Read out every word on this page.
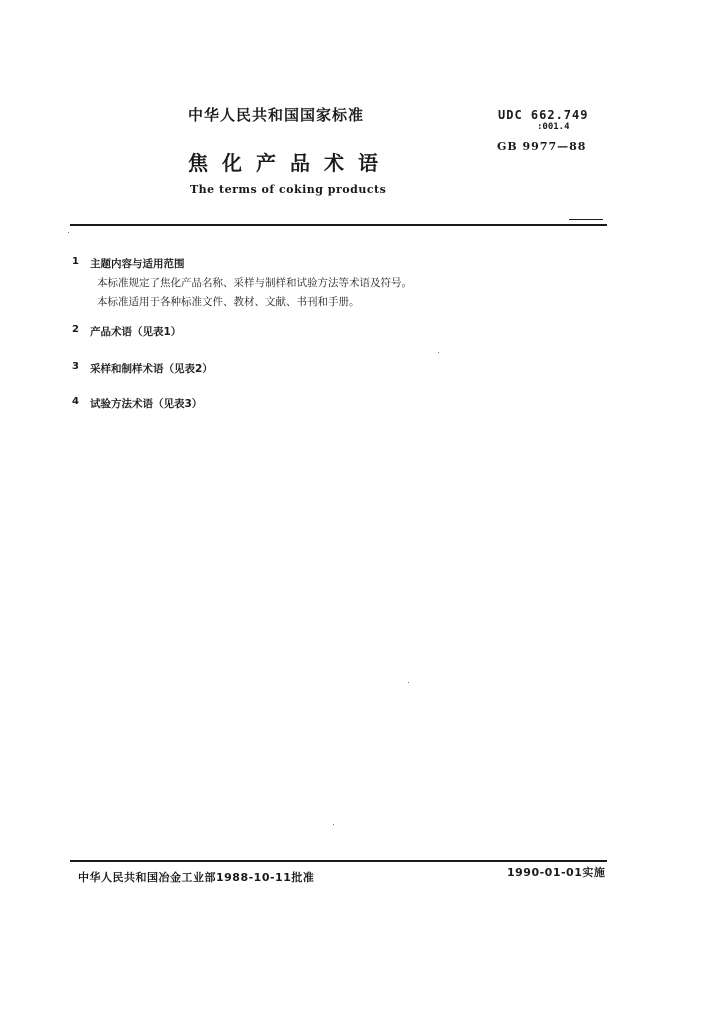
中华人民共和国国家标准	UDC 662.749
:001.4
GB 9977—88
焦化产品术语
The terms of coking products
1 主题内容与适用范围
本标准规定了焦化产品名称、采样与制样和试验方法等术语及符号。
本标准适用于各种标准文件、教材、文献、书刊和手册。
2 产品术语（见表1）
3 采样和制样术语（见表2）
4 试验方法术语（见表3）
中华人民共和国冶金工业部1988-10-11批准	1990-01-01实施
